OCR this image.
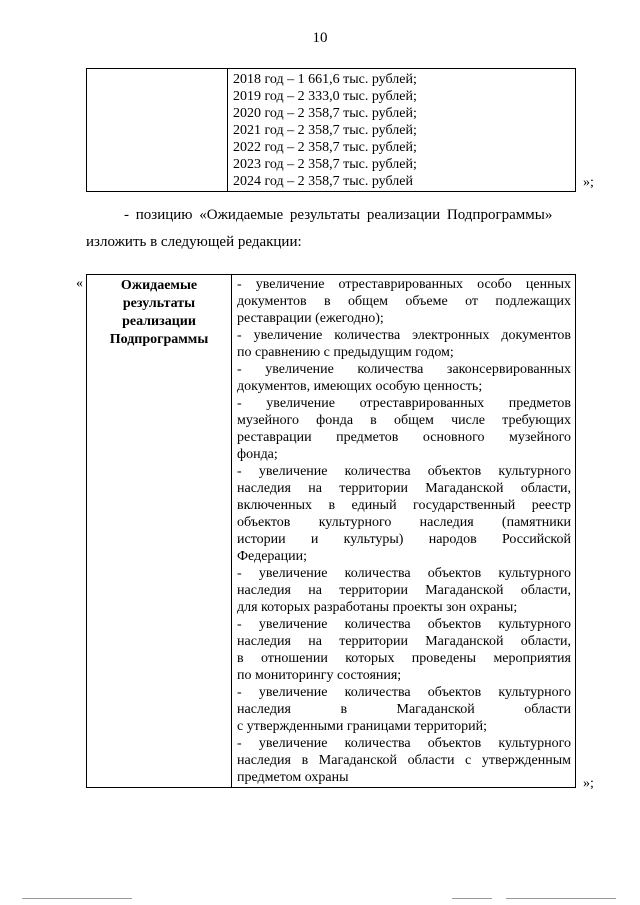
10

2018 год – 1 661,6 тыс. рублей;
2019 год – 2 333,0 тыс. рублей;
2020 год – 2 358,7 тыс. рублей;
2021 год – 2 358,7 тыс. рублей;
2022 год – 2 358,7 тыс. рублей;
2023 год – 2 358,7 тыс. рублей;
2024 год – 2 358,7 тыс. рублей	»;
- позицию «Ожидаемые результаты реализации Подпрограммы»
изложить в следующей редакции:
«	Ожидаемые
результаты
реализации
Подпрограммы

- увеличение отреставрированных особо ценных
документов в общем объеме от подлежащих
реставрации (ежегодно);
- увеличение количества электронных документов
по сравнению с предыдущим годом;
- увеличение количества законсервированных
документов, имеющих особую ценность;
- увеличение отреставрированных предметов
музейного фонда в общем числе требующих
реставрации предметов основного музейного
фонда;
- увеличение количества объектов культурного
наследия на территории Магаданской области,
включенных в единый государственный реестр
объектов культурного наследия (памятники
истории и культуры) народов Российской
Федерации;
- увеличение количества объектов культурного
наследия на территории Магаданской области,
для которых разработаны проекты зон охраны;
- увеличение количества объектов культурного
наследия на территории Магаданской области,
в отношении которых проведены мероприятия
по мониторингу состояния;
- увеличение количества объектов культурного
наследия в Магаданской области
с утвержденными границами территорий;
- увеличение количества объектов культурного
наследия в Магаданской области с утвержденным
предметом охраны	»;
